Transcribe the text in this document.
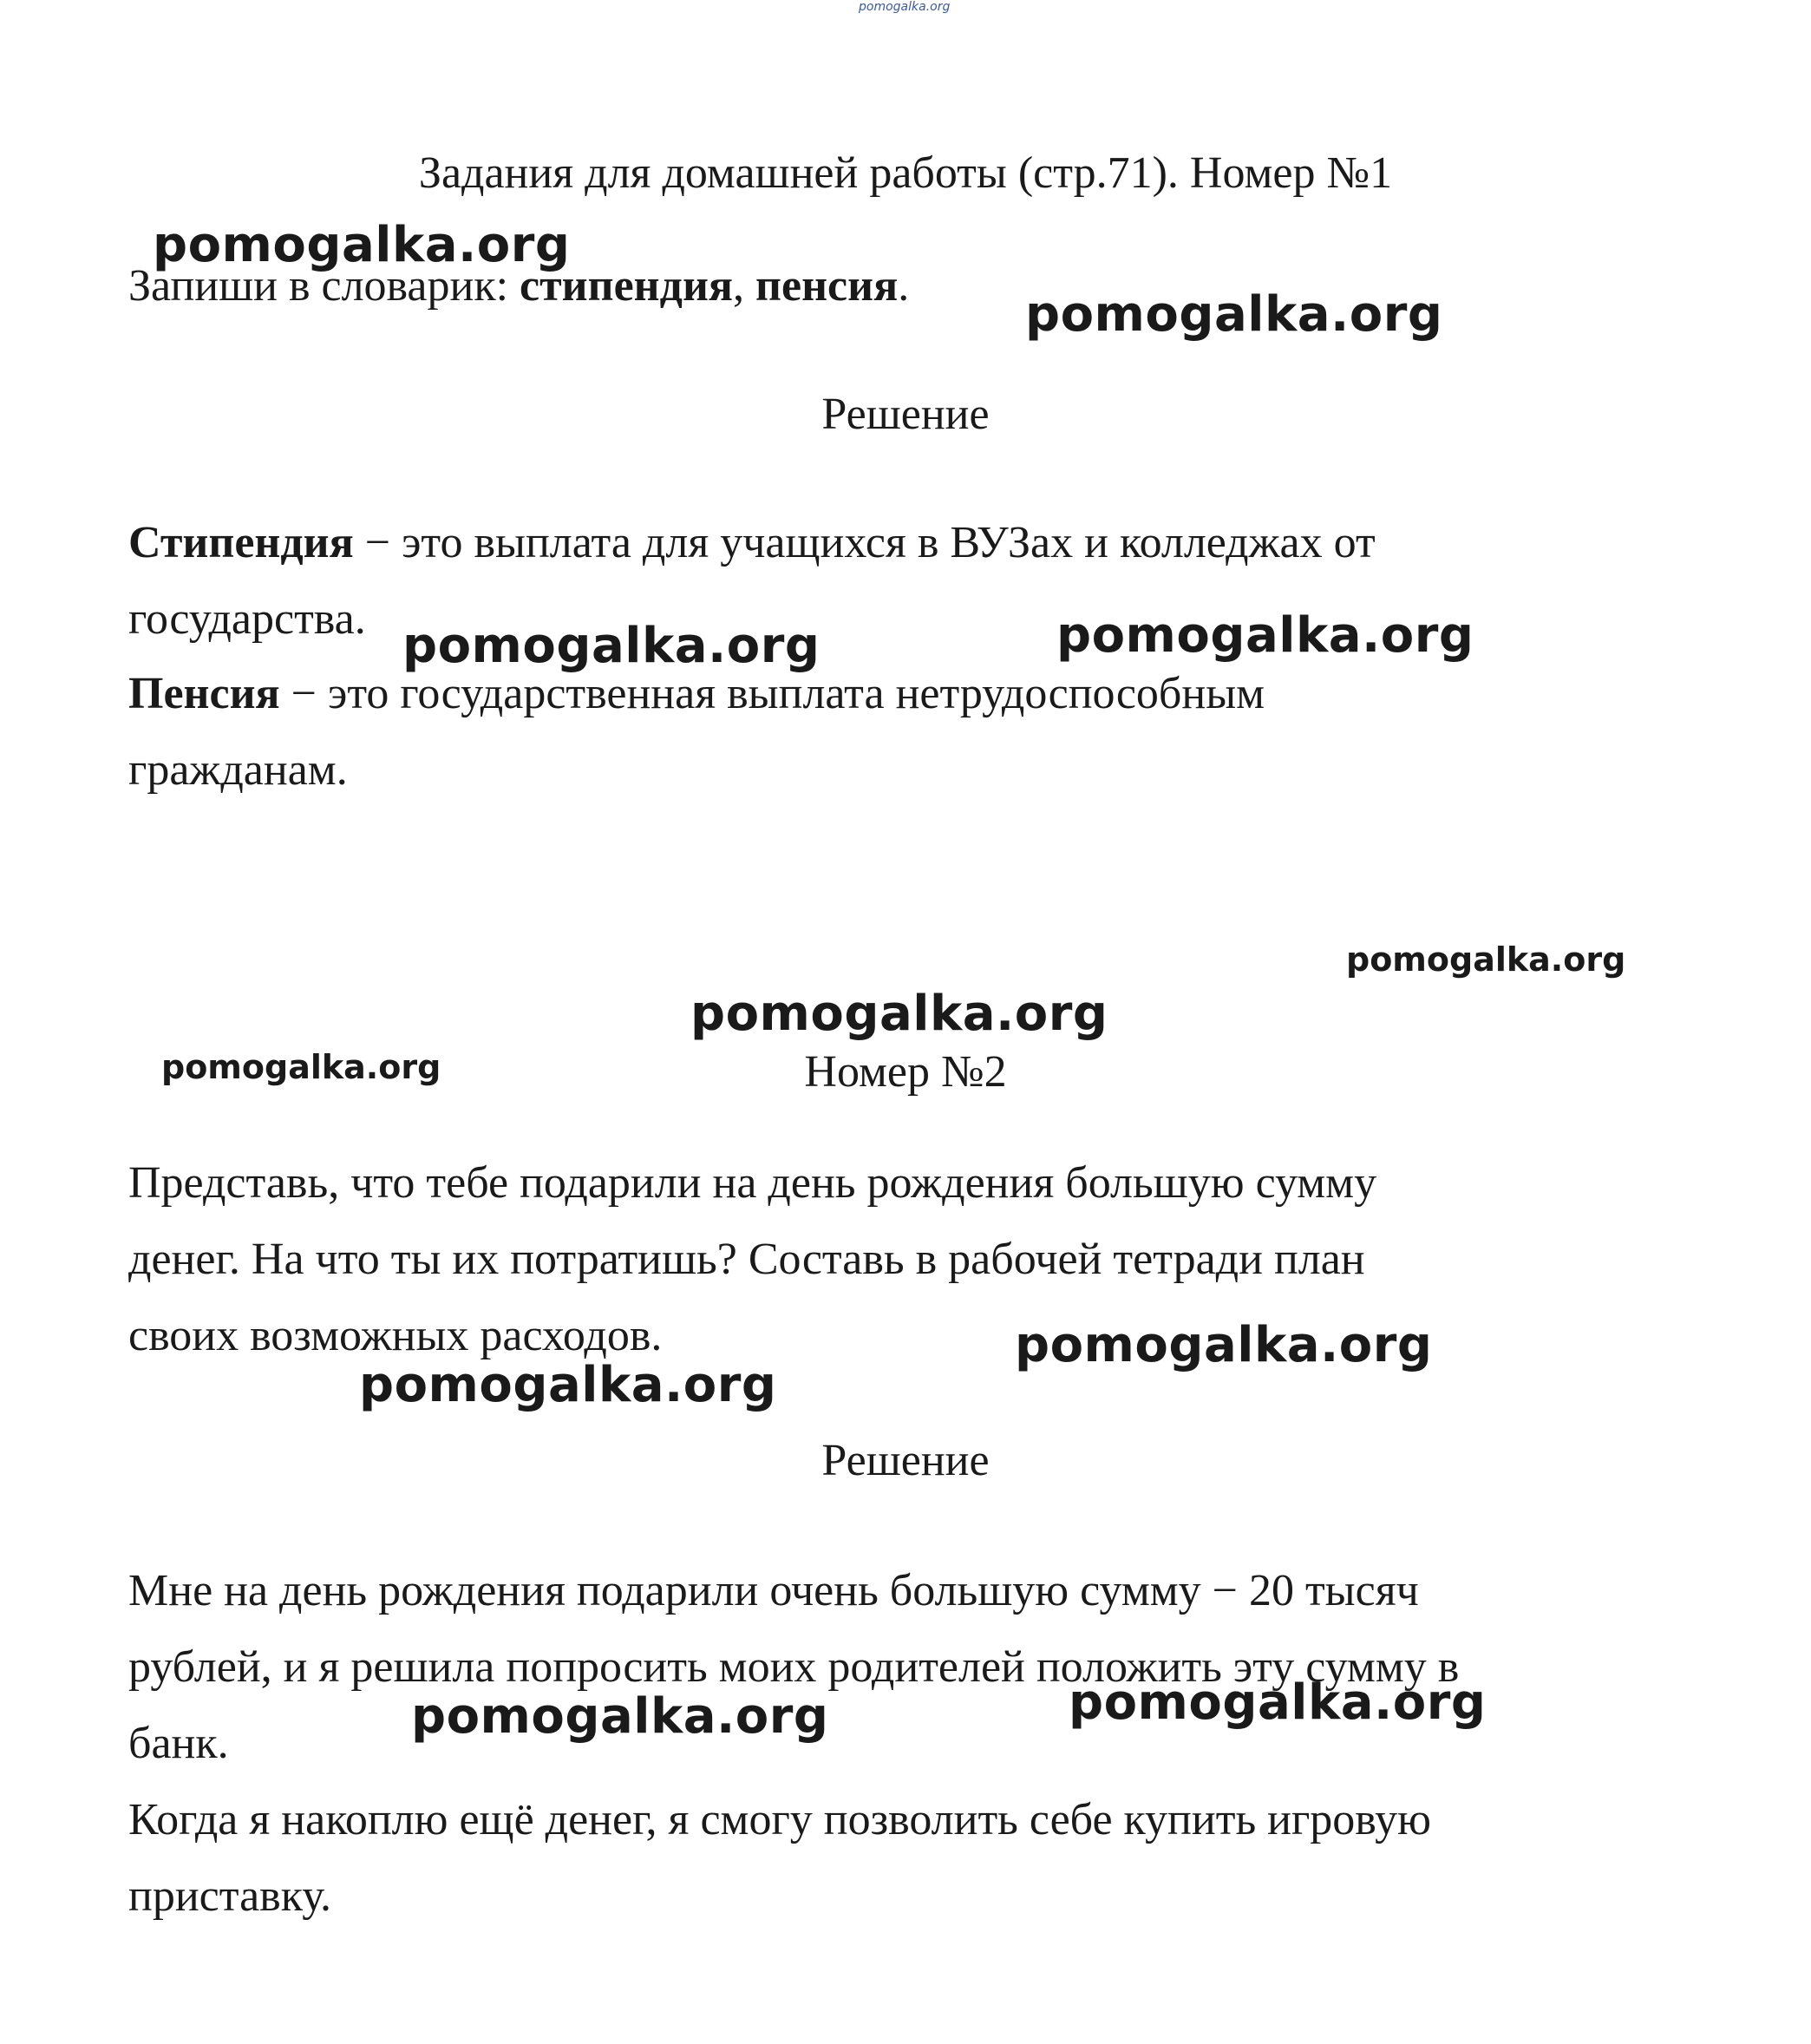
pomogalka.org
Задания для домашней работы (стр.71). Номер №1
pomogalka.org
Запиши в словарик: стипендия, пенсия.
pomogalka.org
Решение
Стипендия − это выплата для учащихся в ВУЗах и колледжах от
государства. pomogalka.org	pomogalka.org
Пенсия − это государственная выплата нетрудоспособным
гражданам.
pomogalka.org
pomogalka.org
pomogalka.org	Номер №2
Представь, что тебе подарили на день рождения большую сумму
денег. На что ты их потратишь? Составь в рабочей тетради план
своих возможных расходов.	pomogalka.org
pomogalka.org
Решение
Мне на день рождения подарили очень большую сумму − 20 тысяч
рублей, и я решила попросить моих родителей положить эту сумму в
банк.	pomogalka.org	pomogalka.org
Когда я накоплю ещё денег, я смогу позволить себе купить игровую
приставку.
